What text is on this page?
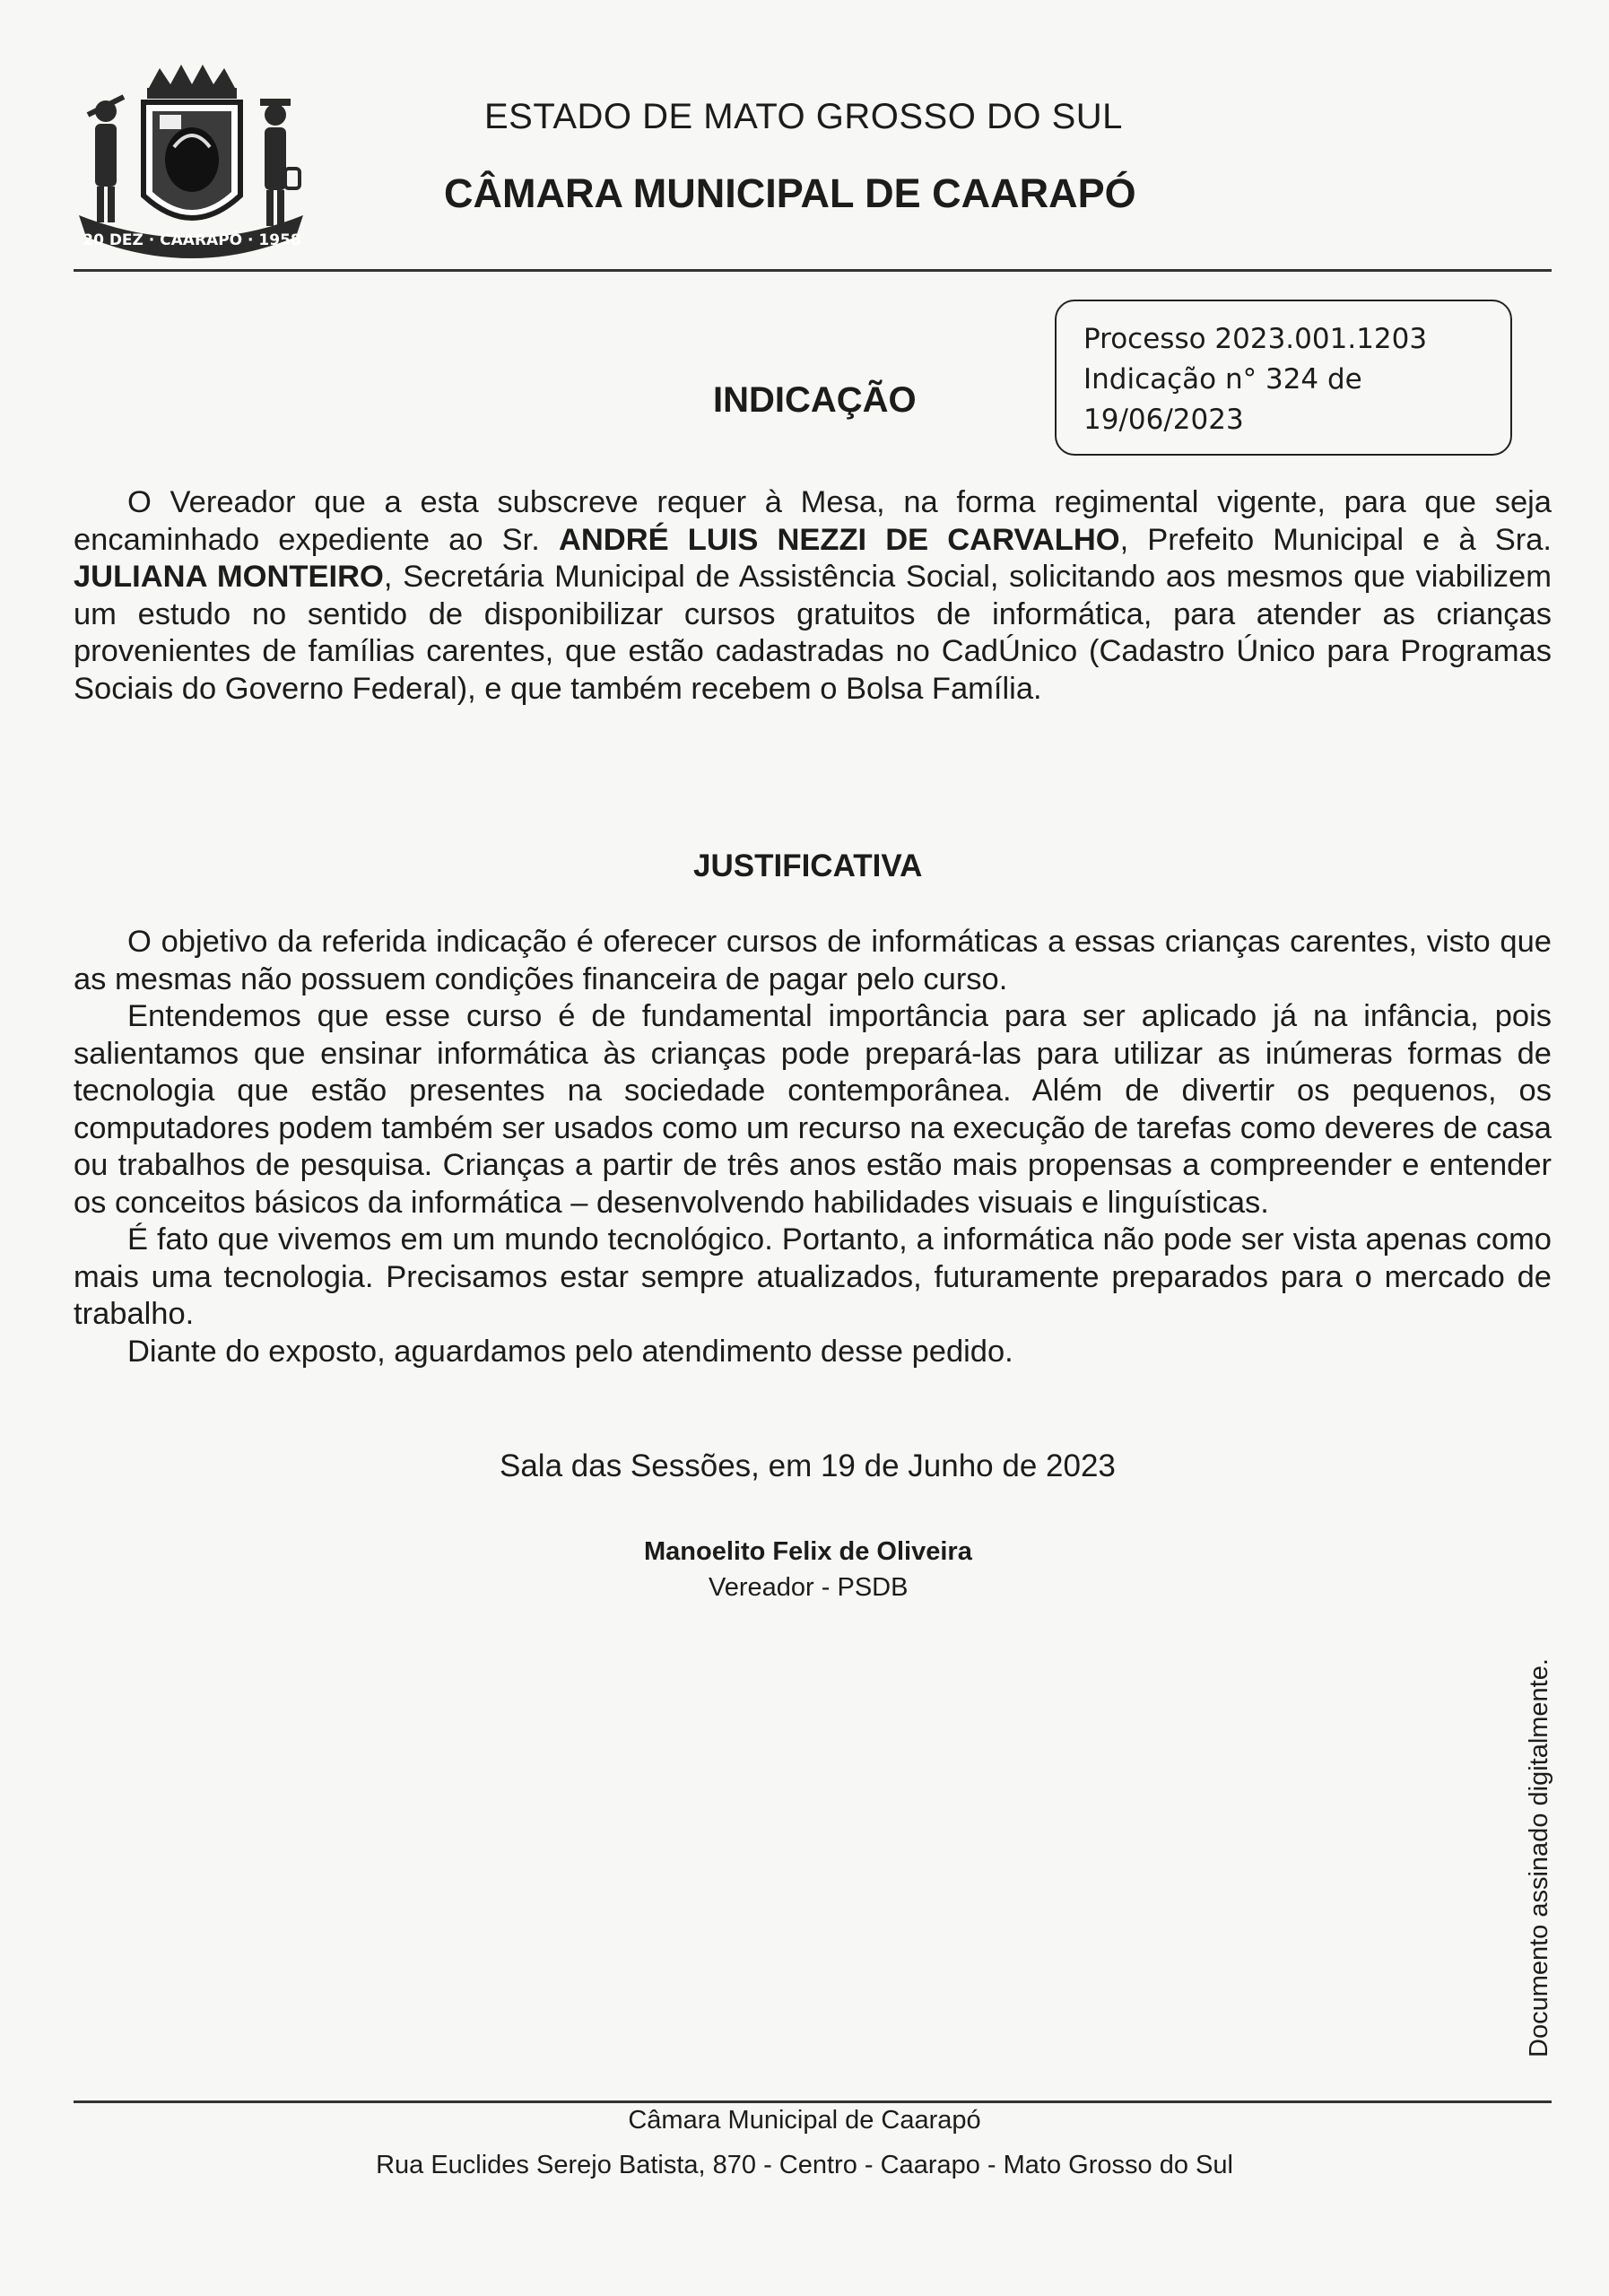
20 DEZ · CAARAPÓ · 1958
ESTADO DE MATO GROSSO DO SUL
CÂMARA MUNICIPAL DE CAARAPÓ
Processo 2023.001.1203
Indicação n° 324 de
19/06/2023
INDICAÇÃO
O Vereador que a esta subscreve requer à Mesa, na forma regimental vigente, para que seja encaminhado expediente ao Sr. ANDRÉ LUIS NEZZI DE CARVALHO, Prefeito Municipal e à Sra. JULIANA MONTEIRO, Secretária Municipal de Assistência Social, solicitando aos mesmos que viabilizem um estudo no sentido de disponibilizar cursos gratuitos de informática, para atender as crianças provenientes de famílias carentes, que estão cadastradas no CadÚnico (Cadastro Único para Programas Sociais do Governo Federal), e que também recebem o Bolsa Família.
JUSTIFICATIVA

O objetivo da referida indicação é oferecer cursos de informáticas a essas crianças carentes, visto que as mesmas não possuem condições financeira de pagar pelo curso.

Entendemos que esse curso é de fundamental importância para ser aplicado já na infância, pois salientamos que ensinar informática às crianças pode prepará-las para utilizar as inúmeras formas de tecnologia que estão presentes na sociedade contemporânea. Além de divertir os pequenos, os computadores podem também ser usados como um recurso na execução de tarefas como deveres de casa ou trabalhos de pesquisa. Crianças a partir de três anos estão mais propensas a compreender e entender os conceitos básicos da informática – desenvolvendo habilidades visuais e linguísticas.

É fato que vivemos em um mundo tecnológico. Portanto, a informática não pode ser vista apenas como mais uma tecnologia. Precisamos estar sempre atualizados, futuramente preparados para o mercado de trabalho.

Diante do exposto, aguardamos pelo atendimento desse pedido.

Sala das Sessões, em 19 de Junho de 2023
Manoelito Felix de Oliveira
Vereador - PSDB
Documento assinado digitalmente.
Câmara Municipal de Caarapó
Rua Euclides Serejo Batista, 870 - Centro - Caarapo - Mato Grosso do Sul
